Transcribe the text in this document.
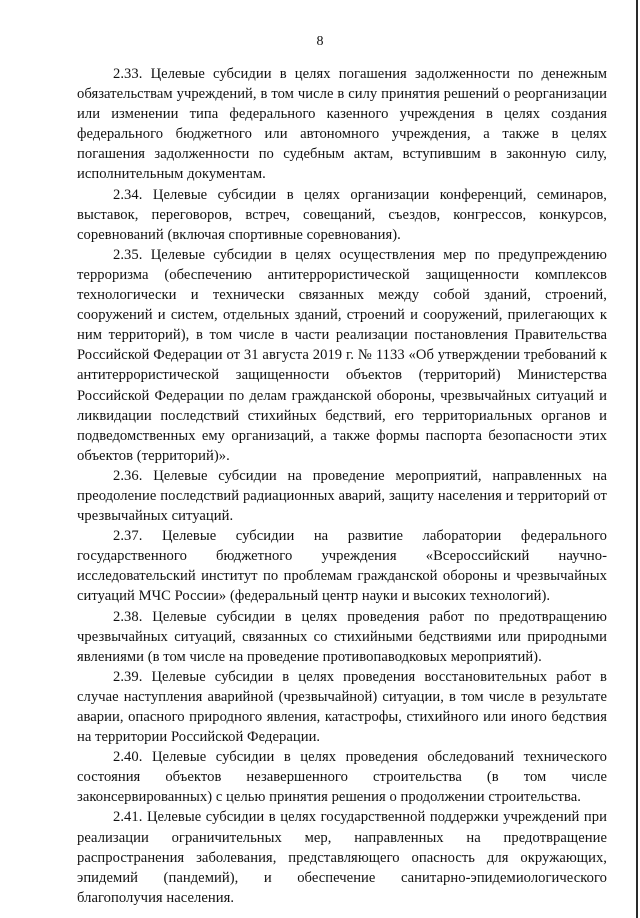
8

2.33. Целевые субсидии в целях погашения задолженности по денежным обязательствам учреждений, в том числе в силу принятия решений о реорганизации или изменении типа федерального казенного учреждения в целях создания федерального бюджетного или автономного учреждения, а также в целях погашения задолженности по судебным актам, вступившим в законную силу, исполнительным документам.

2.34. Целевые субсидии в целях организации конференций, семинаров, выставок, переговоров, встреч, совещаний, съездов, конгрессов, конкурсов, соревнований (включая спортивные соревнования).

2.35. Целевые субсидии в целях осуществления мер по предупреждению терроризма (обеспечению антитеррористической защищенности комплексов технологически и технически связанных между собой зданий, строений, сооружений и систем, отдельных зданий, строений и сооружений, прилегающих к ним территорий), в том числе в части реализации постановления Правительства Российской Федерации от 31 августа 2019 г. № 1133 «Об утверждении требований к антитеррористической защищенности объектов (территорий) Министерства Российской Федерации по делам гражданской обороны, чрезвычайных ситуаций и ликвидации последствий стихийных бедствий, его территориальных органов и подведомственных ему организаций, а также формы паспорта безопасности этих объектов (территорий)».

2.36. Целевые субсидии на проведение мероприятий, направленных на преодоление последствий радиационных аварий, защиту населения и территорий от чрезвычайных ситуаций.

2.37. Целевые субсидии на развитие лаборатории федерального государственного бюджетного учреждения «Всероссийский научно-исследовательский институт по проблемам гражданской обороны и чрезвычайных ситуаций МЧС России» (федеральный центр науки и высоких технологий).

2.38. Целевые субсидии в целях проведения работ по предотвращению чрезвычайных ситуаций, связанных со стихийными бедствиями или природными явлениями (в том числе на проведение противопаводковых мероприятий).

2.39. Целевые субсидии в целях проведения восстановительных работ в случае наступления аварийной (чрезвычайной) ситуации, в том числе в результате аварии, опасного природного явления, катастрофы, стихийного или иного бедствия на территории Российской Федерации.

2.40. Целевые субсидии в целях проведения обследований технического состояния объектов незавершенного строительства (в том числе законсервированных) с целью принятия решения о продолжении строительства.

2.41. Целевые субсидии в целях государственной поддержки учреждений при реализации ограничительных мер, направленных на предотвращение распространения заболевания, представляющего опасность для окружающих, эпидемий (пандемий), и обеспечение санитарно-эпидемиологического благополучия населения.
